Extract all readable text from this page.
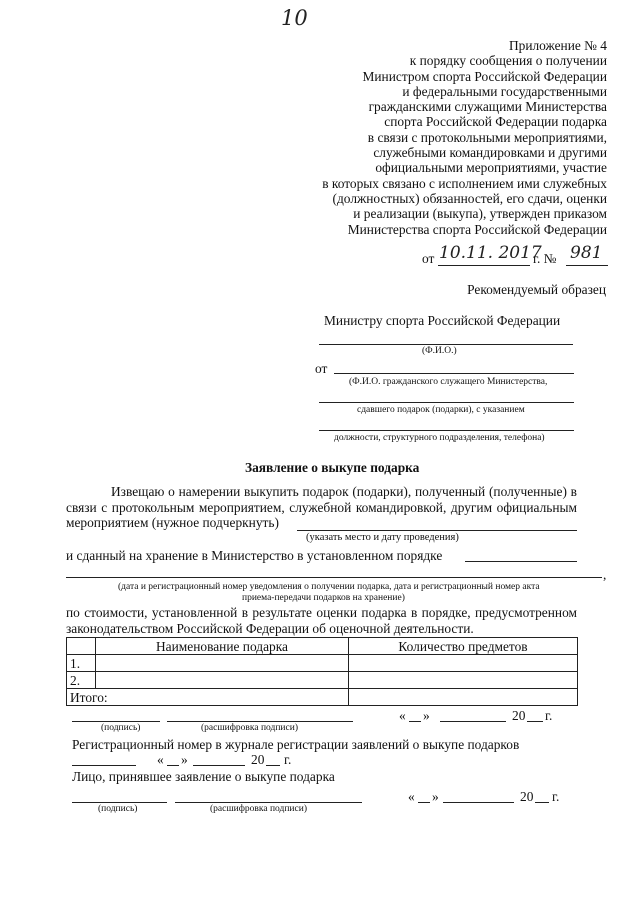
10
Приложение № 4
к порядку сообщения о получении
Министром спорта Российской Федерации
и федеральными государственными
гражданскими служащими Министерства
спорта Российской Федерации подарка
в связи с протокольными мероприятиями,
служебными командировками и другими
официальными мероприятиями, участие
в которых связано с исполнением ими служебных
(должностных) обязанностей, его сдачи, оценки
и реализации (выкупа), утвержден приказом
Министерства спорта Российской Федерации
от 10.11. 2017
г. № 981
Рекомендуемый образец
Министру спорта Российской Федерации
(Ф.И.О.)
от
(Ф.И.О. гражданского служащего Министерства,
сдавшего подарок (подарки), с указанием
должности, структурного подразделения, телефона)
Заявление о выкупе подарка
Извещаю о намерении выкупить подарок (подарки), полученный (полученные) в
связи с протокольным мероприятием, служебной командировкой, другим официальным
мероприятием (нужное подчеркнуть)
(указать место и дату проведения)
и сданный на хранение в Министерство в установленном порядке
,
(дата и регистрационный номер уведомления о получении подарка, дата и регистрационный номер акта
приема-передачи подарков на хранение)
по стоимости, установленной в результате оценки подарка в порядке, предусмотренном
законодательством Российской Федерации об оценочной деятельности.
	Наименование подарка	Количество предметов
1.		
2.		
Итого:		
(подпись)	(расшифровка подписи)
« »	20 г.
Регистрационный номер в журнале регистрации заявлений о выкупе подарков
« »	20 г.
Лицо, принявшее заявление о выкупе подарка
(подпись)	(расшифровка подписи)
« »	20 г.
